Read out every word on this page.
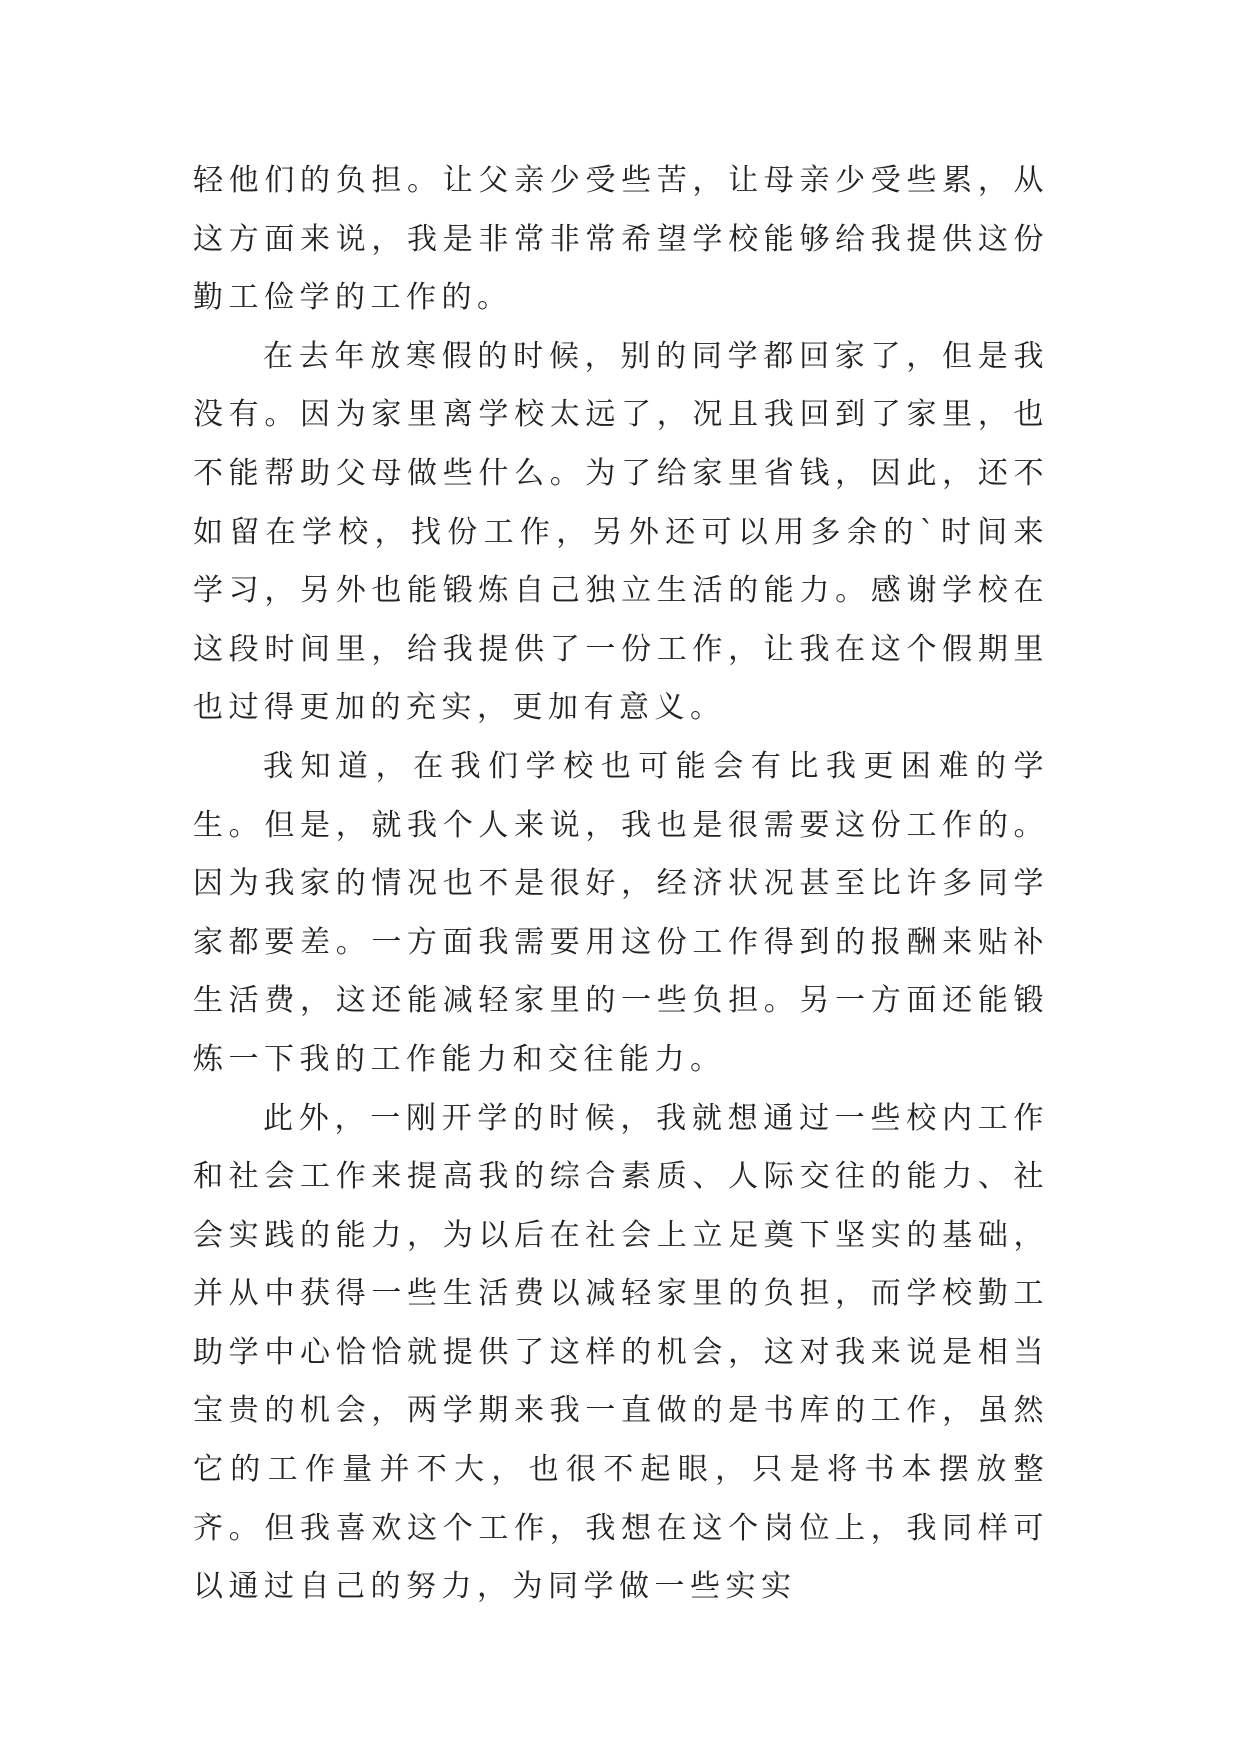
轻他们的负担。让父亲少受些苦，让母亲少受些累，从这方面来说，我是非常非常希望学校能够给我提供这份勤工俭学的工作的。

在去年放寒假的时候，别的同学都回家了，但是我没有。因为家里离学校太远了，况且我回到了家里，也不能帮助父母做些什么。为了给家里省钱，因此，还不如留在学校，找份工作，另外还可以用多余的`时间来学习，另外也能锻炼自己独立生活的能力。感谢学校在这段时间里，给我提供了一份工作，让我在这个假期里也过得更加的充实，更加有意义。

我知道，在我们学校也可能会有比我更困难的学生。但是，就我个人来说，我也是很需要这份工作的。因为我家的情况也不是很好，经济状况甚至比许多同学家都要差。一方面我需要用这份工作得到的报酬来贴补生活费，这还能减轻家里的一些负担。另一方面还能锻炼一下我的工作能力和交往能力。

此外，一刚开学的时候，我就想通过一些校内工作和社会工作来提高我的综合素质、人际交往的能力、社会实践的能力，为以后在社会上立足奠下坚实的基础，并从中获得一些生活费以减轻家里的负担，而学校勤工助学中心恰恰就提供了这样的机会，这对我来说是相当宝贵的机会，两学期来我一直做的是书库的工作，虽然它的工作量并不大，也很不起眼，只是将书本摆放整齐。但我喜欢这个工作，我想在这个岗位上，我同样可以通过自己的努力，为同学做一些实实
